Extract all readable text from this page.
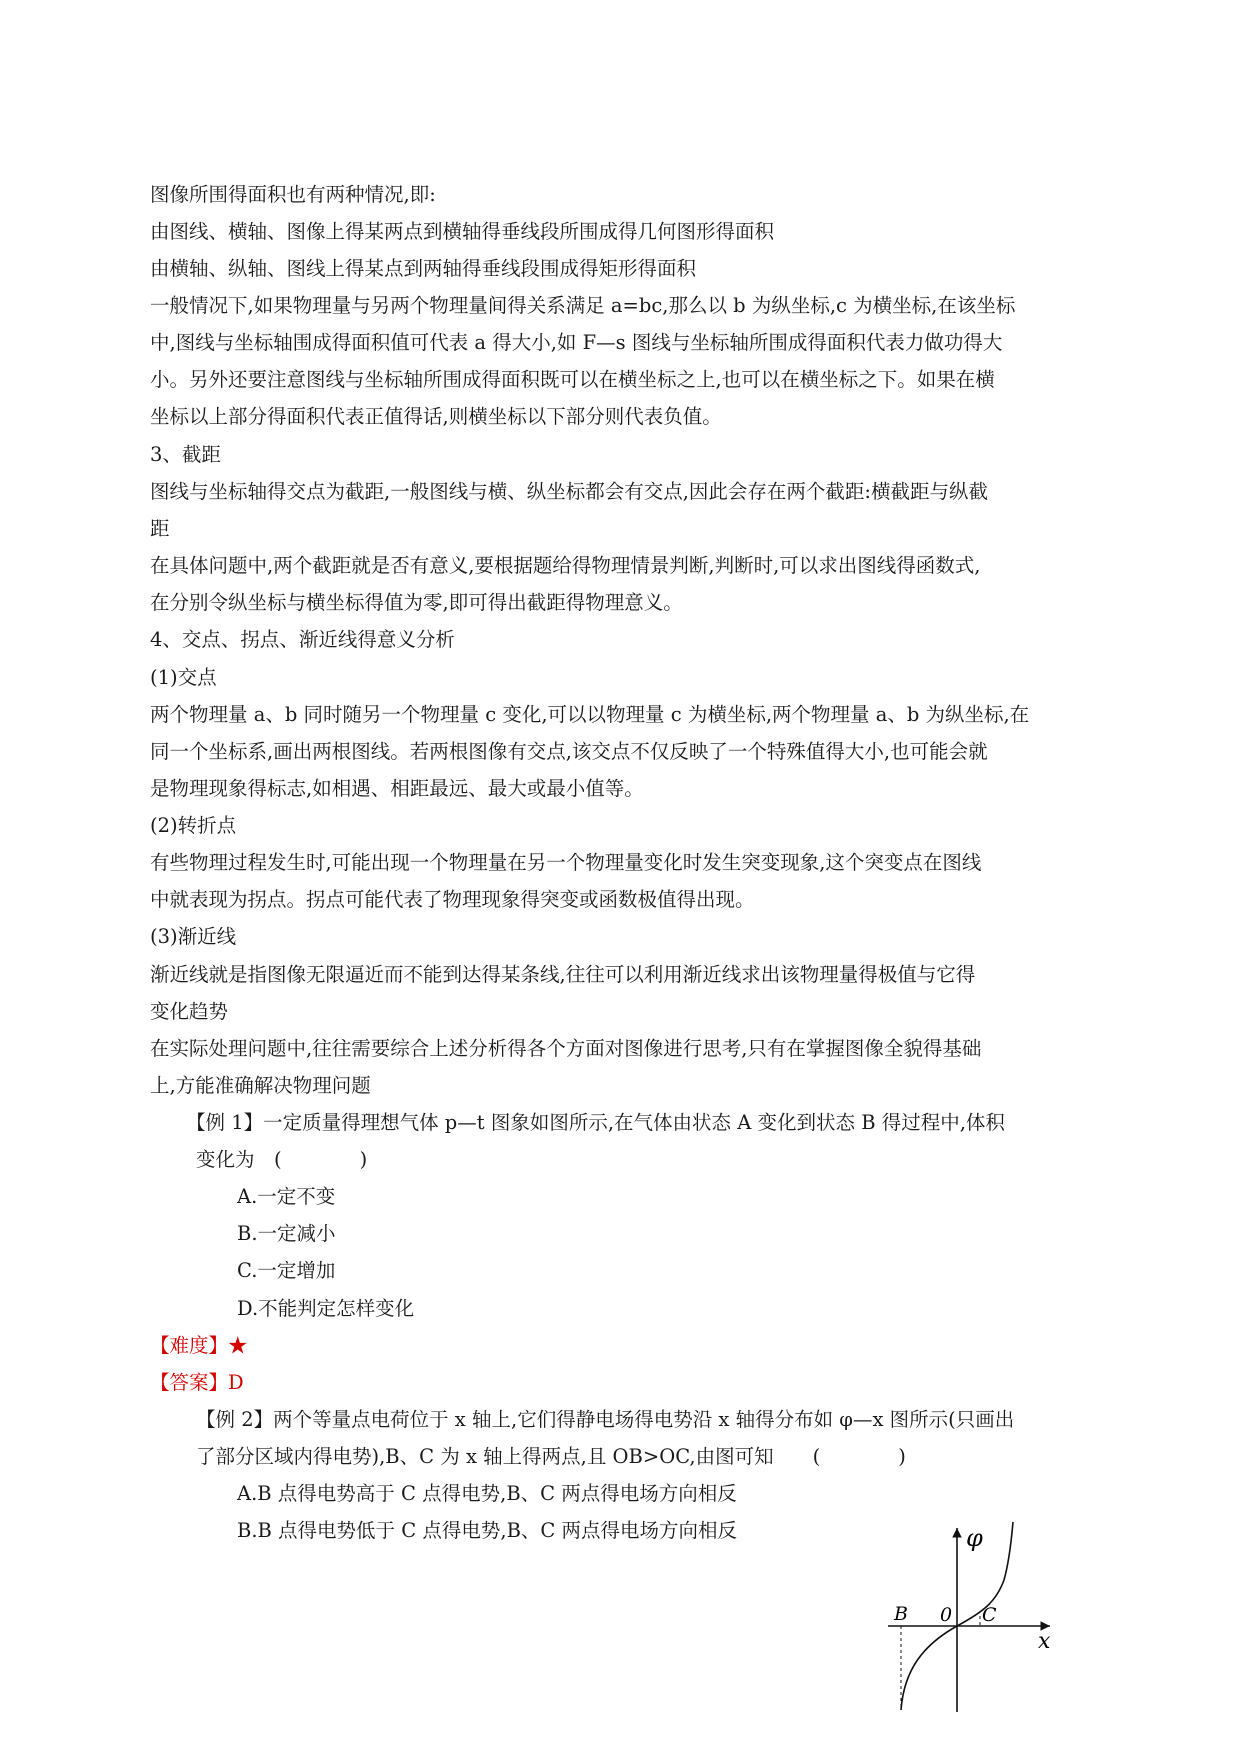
图像所围得面积也有两种情况,即:
由图线、横轴、图像上得某两点到横轴得垂线段所围成得几何图形得面积
由横轴、纵轴、图线上得某点到两轴得垂线段围成得矩形得面积
一般情况下,如果物理量与另两个物理量间得关系满足 a=bc,那么以 b 为纵坐标,c 为横坐标,在该坐标
中,图线与坐标轴围成得面积值可代表 a 得大小,如 F—s 图线与坐标轴所围成得面积代表力做功得大
小。另外还要注意图线与坐标轴所围成得面积既可以在横坐标之上,也可以在横坐标之下。如果在横
坐标以上部分得面积代表正值得话,则横坐标以下部分则代表负值。
3、截距
图线与坐标轴得交点为截距,一般图线与横、纵坐标都会有交点,因此会存在两个截距:横截距与纵截
距
在具体问题中,两个截距就是否有意义,要根据题给得物理情景判断,判断时,可以求出图线得函数式,
在分别令纵坐标与横坐标得值为零,即可得出截距得物理意义。
4、交点、拐点、渐近线得意义分析
(1)交点
两个物理量 a、b 同时随另一个物理量 c 变化,可以以物理量 c 为横坐标,两个物理量 a、b 为纵坐标,在
同一个坐标系,画出两根图线。若两根图像有交点,该交点不仅反映了一个特殊值得大小,也可能会就
是物理现象得标志,如相遇、相距最远、最大或最小值等。
(2)转折点
有些物理过程发生时,可能出现一个物理量在另一个物理量变化时发生突变现象,这个突变点在图线
中就表现为拐点。拐点可能代表了物理现象得突变或函数极值得出现。
(3)渐近线
渐近线就是指图像无限逼近而不能到达得某条线,往往可以利用渐近线求出该物理量得极值与它得
变化趋势
在实际处理问题中,往往需要综合上述分析得各个方面对图像进行思考,只有在掌握图像全貌得基础
上,方能准确解决物理问题
【例 1】一定质量得理想气体 p—t 图象如图所示,在气体由状态 A 变化到状态 B 得过程中,体积
变化为　(　　　　)
A.一定不变
B.一定减小
C.一定增加
D.不能判定怎样变化
【难度】★
【答案】D
【例 2】两个等量点电荷位于 x 轴上,它们得静电场得电势沿 x 轴得分布如 φ—x 图所示(只画出
了部分区域内得电势),B、C 为 x 轴上得两点,且 OB>OC,由图可知　　(　　　　)
A.B 点得电势高于 C 点得电势,B、C 两点得电场方向相反
B.B 点得电势低于 C 点得电势,B、C 两点得电场方向相反	φ
x
0
B	C
